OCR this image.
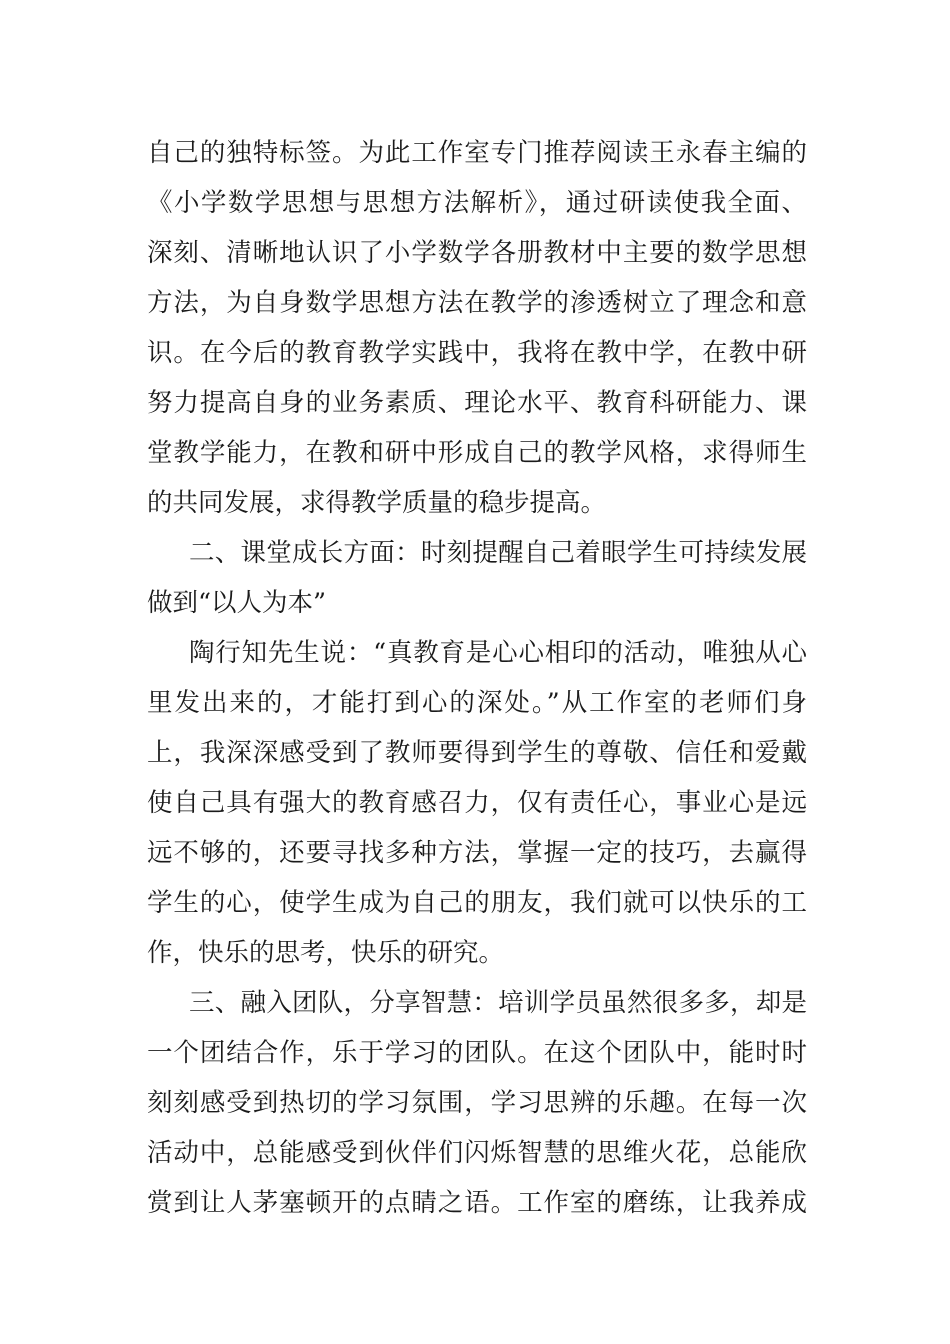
自己的独特标签。为此工作室专门推荐阅读王永春主编的
《小学数学思想与思想方法解析》，通过研读使我全面、
深刻、清晰地认识了小学数学各册教材中主要的数学思想
方法，为自身数学思想方法在教学的渗透树立了理念和意
识。在今后的教育教学实践中，我将在教中学，在教中研
努力提高自身的业务素质、理论水平、教育科研能力、课
堂教学能力，在教和研中形成自己的教学风格，求得师生
的共同发展，求得教学质量的稳步提高。
二、课堂成长方面：时刻提醒自己着眼学生可持续发展
做到“以人为本”
陶行知先生说：“真教育是心心相印的活动，唯独从心
里发出来的，才能打到心的深处。”从工作室的老师们身
上，我深深感受到了教师要得到学生的尊敬、信任和爱戴
使自己具有强大的教育感召力，仅有责任心，事业心是远
远不够的，还要寻找多种方法，掌握一定的技巧，去赢得
学生的心，使学生成为自己的朋友，我们就可以快乐的工
作，快乐的思考，快乐的研究。
三、融入团队，分享智慧：培训学员虽然很多多，却是
一个团结合作，乐于学习的团队。在这个团队中，能时时
刻刻感受到热切的学习氛围，学习思辨的乐趣。在每一次
活动中，总能感受到伙伴们闪烁智慧的思维火花，总能欣
赏到让人茅塞顿开的点睛之语。工作室的磨练，让我养成
